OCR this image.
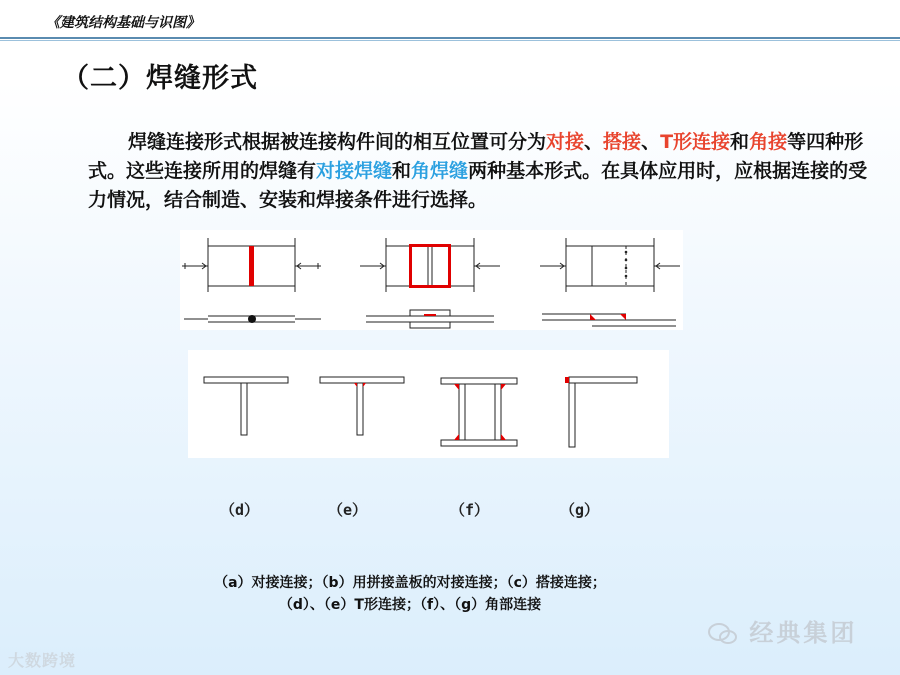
《建筑结构基础与识图》
（二）焊缝形式
焊缝连接形式根据被连接构件间的相互位置可分为对接、搭接、T形连接和角接等四种形式。这些连接所用的焊缝有对接焊缝和角焊缝两种基本形式。在具体应用时，应根据连接的受力情况，结合制造、安装和焊接条件进行选择。
（d）	（e）	（f）	（g）
（a）对接连接；（b）用拼接盖板的对接连接；（c）搭接连接；
（d）、（e）T形连接；（f）、（g）角部连接
大数跨境
经典集团
